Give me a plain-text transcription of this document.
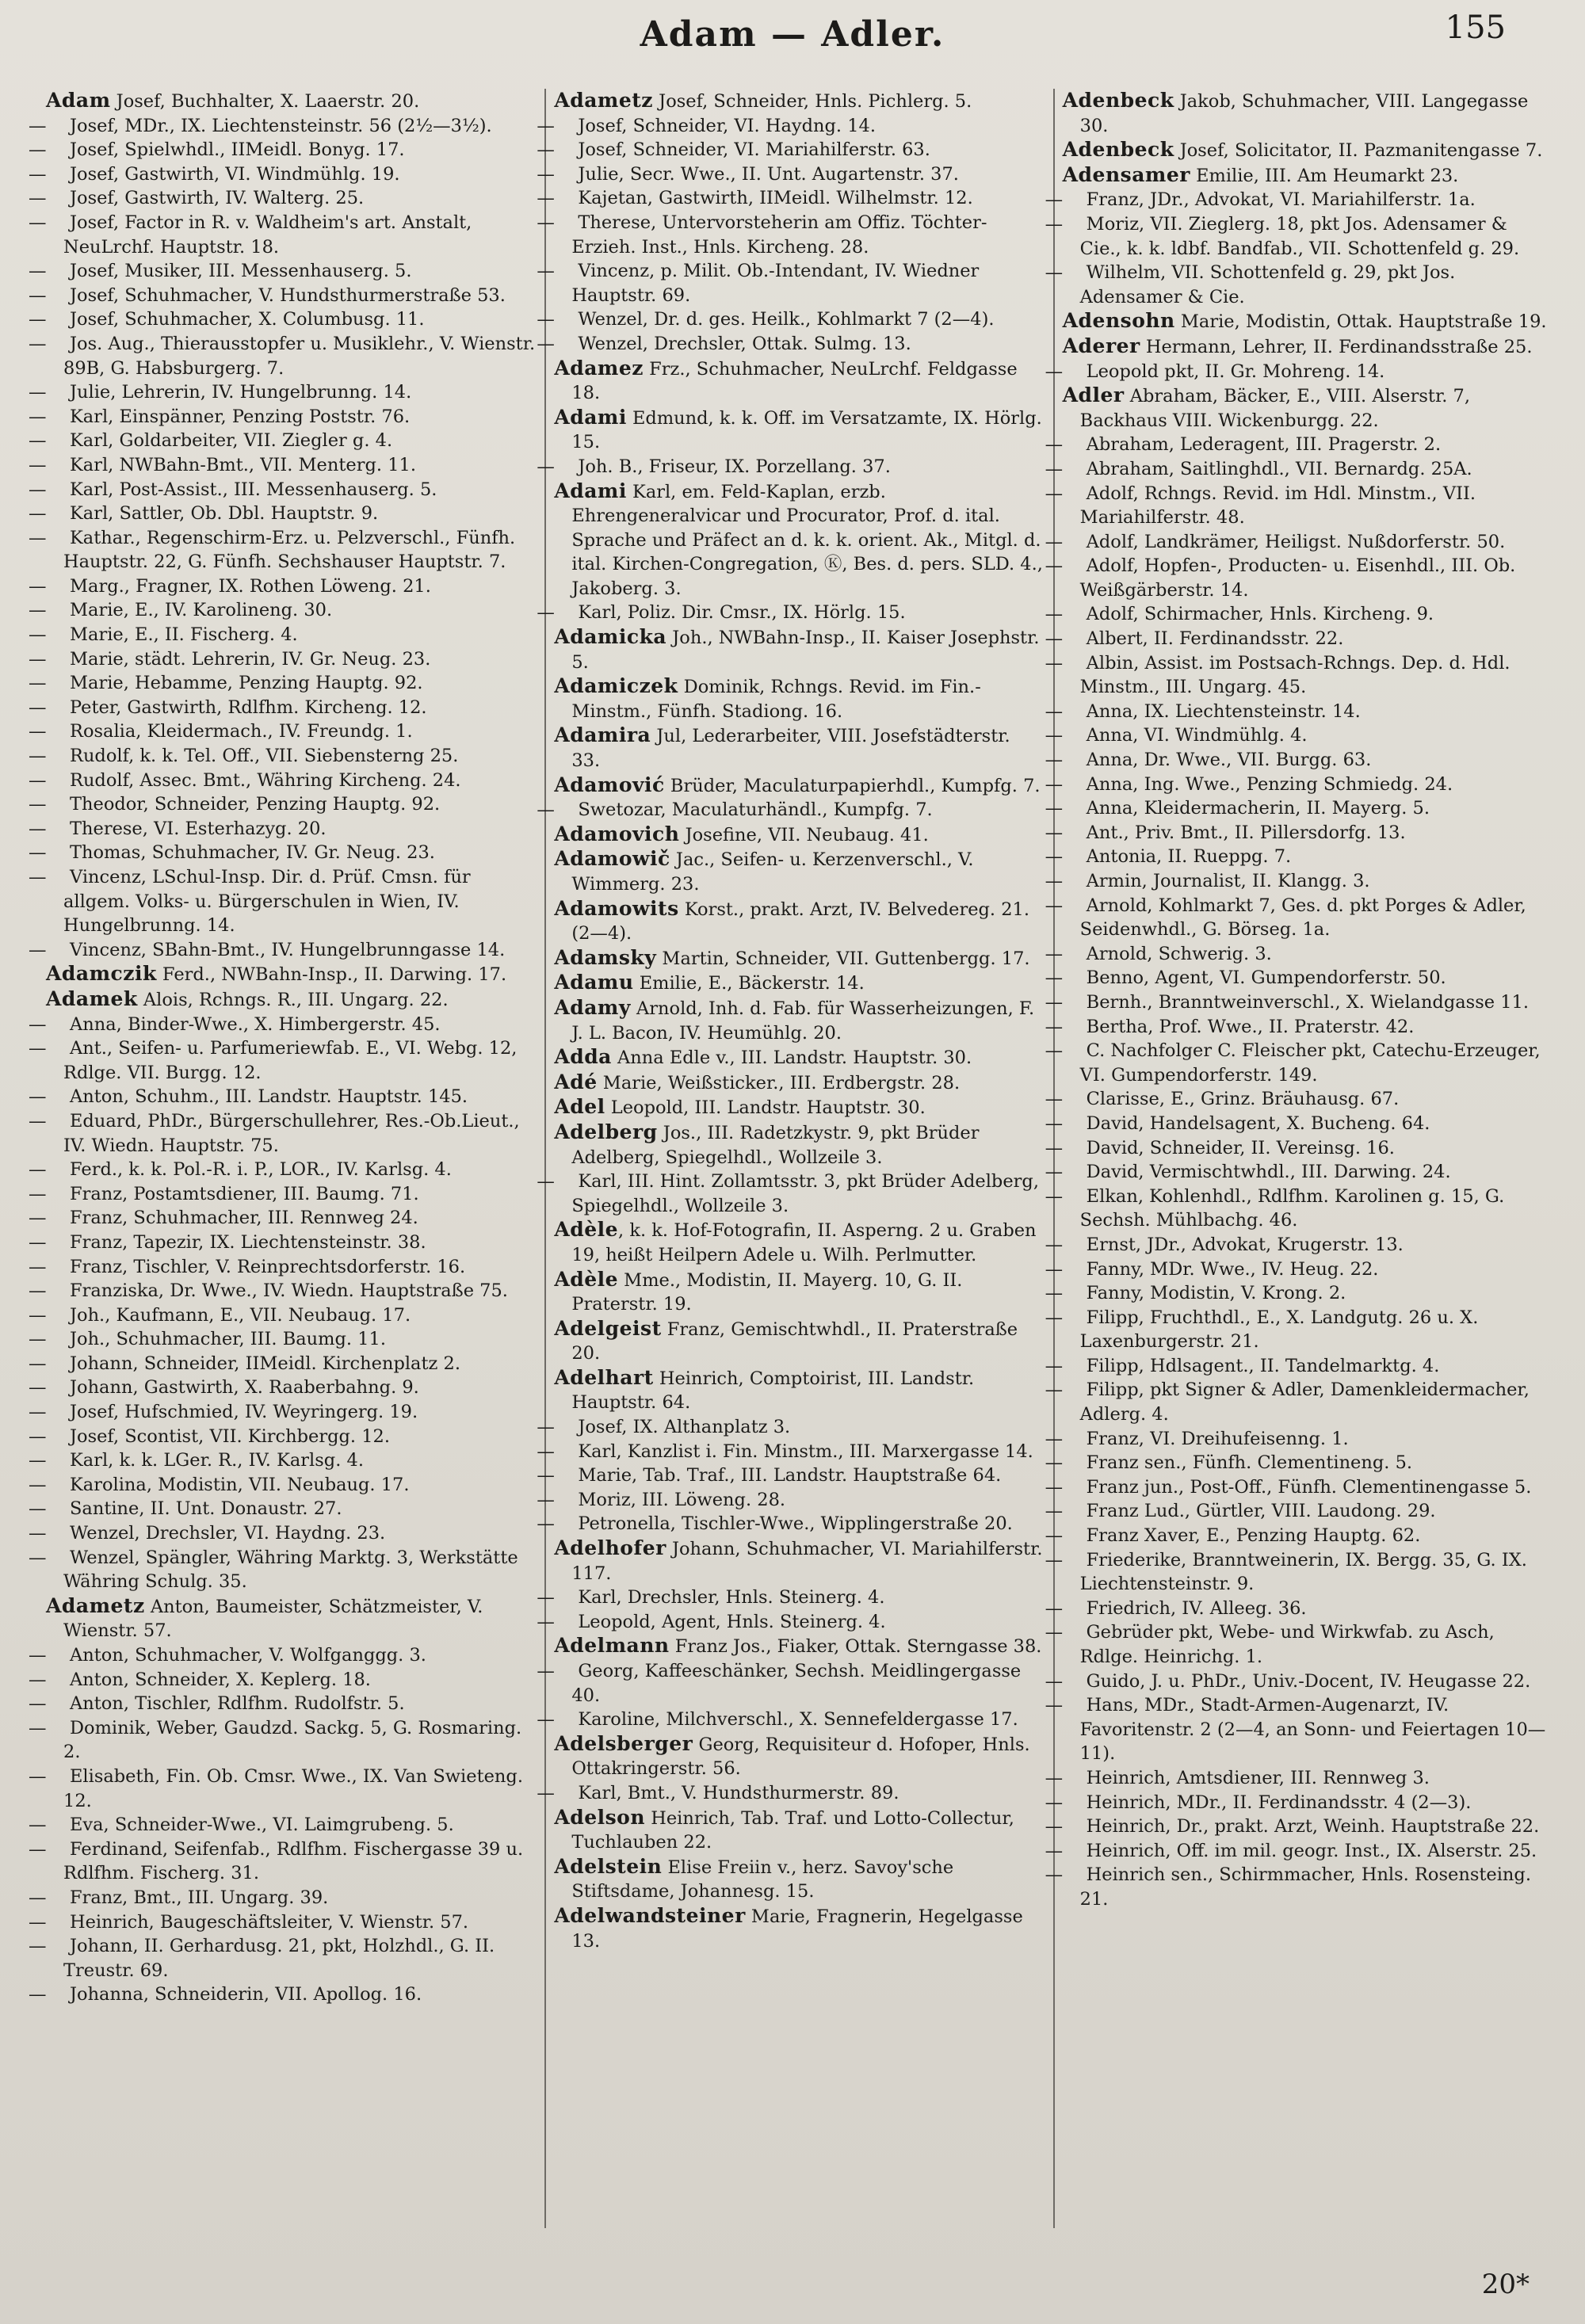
Adam — Adler.	155

Adam Josef, Buchhalter, X. Laaerstr. 20.

— Josef, MDr., IX. Liechtensteinstr. 56 (2½—3½).

— Josef, Spielwhdl., IIMeidl. Bonyg. 17.

— Josef, Gastwirth, VI. Windmühlg. 19.

— Josef, Gastwirth, IV. Walterg. 25.

— Josef, Factor in R. v. Waldheim's art. Anstalt, NeuLrchf. Hauptstr. 18.

— Josef, Musiker, III. Messenhauserg. 5.

— Josef, Schuhmacher, V. Hundsthurmerstraße 53.

— Josef, Schuhmacher, X. Columbusg. 11.

— Jos. Aug., Thierausstopfer u. Musiklehr., V. Wienstr. 89B, G. Habsburgerg. 7.

— Julie, Lehrerin, IV. Hungelbrunng. 14.

— Karl, Einspänner, Penzing Poststr. 76.

— Karl, Goldarbeiter, VII. Ziegler g. 4.

— Karl, NWBahn-Bmt., VII. Menterg. 11.

— Karl, Post-Assist., III. Messenhauserg. 5.

— Karl, Sattler, Ob. Dbl. Hauptstr. 9.

— Kathar., Regenschirm-Erz. u. Pelzverschl., Fünfh. Hauptstr. 22, G. Fünfh. Sechshauser Hauptstr. 7.

— Marg., Fragner, IX. Rothen Löweng. 21.

— Marie, E., IV. Karolineng. 30.

— Marie, E., II. Fischerg. 4.

— Marie, städt. Lehrerin, IV. Gr. Neug. 23.

— Marie, Hebamme, Penzing Hauptg. 92.

— Peter, Gastwirth, Rdlfhm. Kircheng. 12.

— Rosalia, Kleidermach., IV. Freundg. 1.

— Rudolf, k. k. Tel. Off., VII. Siebensterng 25.

— Rudolf, Assec. Bmt., Währing Kircheng. 24.

— Theodor, Schneider, Penzing Hauptg. 92.

— Therese, VI. Esterhazyg. 20.

— Thomas, Schuhmacher, IV. Gr. Neug. 23.

— Vincenz, LSchul-Insp. Dir. d. Prüf. Cmsn. für allgem. Volks- u. Bürgerschulen in Wien, IV. Hungelbrunng. 14.

— Vincenz, SBahn-Bmt., IV. Hungelbrunngasse 14.

Adamczik Ferd., NWBahn-Insp., II. Darwing. 17.

Adamek Alois, Rchngs. R., III. Ungarg. 22.

— Anna, Binder-Wwe., X. Himbergerstr. 45.

— Ant., Seifen- u. Parfumeriewfab. E., VI. Webg. 12, Rdlge. VII. Burgg. 12.

— Anton, Schuhm., III. Landstr. Hauptstr. 145.

— Eduard, PhDr., Bürgerschullehrer, Res.-Ob.Lieut., IV. Wiedn. Hauptstr. 75.

— Ferd., k. k. Pol.-R. i. P., LOR., IV. Karlsg. 4.

— Franz, Postamtsdiener, III. Baumg. 71.

— Franz, Schuhmacher, III. Rennweg 24.

— Franz, Tapezir, IX. Liechtensteinstr. 38.

— Franz, Tischler, V. Reinprechtsdorferstr. 16.

— Franziska, Dr. Wwe., IV. Wiedn. Hauptstraße 75.

— Joh., Kaufmann, E., VII. Neubaug. 17.

— Joh., Schuhmacher, III. Baumg. 11.

— Johann, Schneider, IIMeidl. Kirchenplatz 2.

— Johann, Gastwirth, X. Raaberbahng. 9.

— Josef, Hufschmied, IV. Weyringerg. 19.

— Josef, Scontist, VII. Kirchbergg. 12.

— Karl, k. k. LGer. R., IV. Karlsg. 4.

— Karolina, Modistin, VII. Neubaug. 17.

— Santine, II. Unt. Donaustr. 27.

— Wenzel, Drechsler, VI. Haydng. 23.

— Wenzel, Spängler, Währing Marktg. 3, Werkstätte Währing Schulg. 35.

Adametz Anton, Baumeister, Schätzmeister, V. Wienstr. 57.

— Anton, Schuhmacher, V. Wolfganggg. 3.

— Anton, Schneider, X. Keplerg. 18.

— Anton, Tischler, Rdlfhm. Rudolfstr. 5.

— Dominik, Weber, Gaudzd. Sackg. 5, G. Rosmaring. 2.

— Elisabeth, Fin. Ob. Cmsr. Wwe., IX. Van Swieteng. 12.

— Eva, Schneider-Wwe., VI. Laimgrubeng. 5.

— Ferdinand, Seifenfab., Rdlfhm. Fischergasse 39 u. Rdlfhm. Fischerg. 31.

— Franz, Bmt., III. Ungarg. 39.

— Heinrich, Baugeschäftsleiter, V. Wienstr. 57.

— Johann, II. Gerhardusg. 21, pkt, Holzhdl., G. II. Treustr. 69.

— Johanna, Schneiderin, VII. Apollog. 16.

Adametz Josef, Schneider, Hnls. Pichlerg. 5.

— Josef, Schneider, VI. Haydng. 14.

— Josef, Schneider, VI. Mariahilferstr. 63.

— Julie, Secr. Wwe., II. Unt. Augartenstr. 37.

— Kajetan, Gastwirth, IIMeidl. Wilhelmstr. 12.

— Therese, Untervorsteherin am Offiz. Töchter-Erzieh. Inst., Hnls. Kircheng. 28.

— Vincenz, p. Milit. Ob.-Intendant, IV. Wiedner Hauptstr. 69.

— Wenzel, Dr. d. ges. Heilk., Kohlmarkt 7 (2—4).

— Wenzel, Drechsler, Ottak. Sulmg. 13.

Adamez Frz., Schuhmacher, NeuLrchf. Feldgasse 18.

Adami Edmund, k. k. Off. im Versatzamte, IX. Hörlg. 15.

— Joh. B., Friseur, IX. Porzellang. 37.

Adami Karl, em. Feld-Kaplan, erzb. Ehrengeneralvicar und Procurator, Prof. d. ital. Sprache und Präfect an d. k. k. orient. Ak., Mitgl. d. ital. Kirchen-Congregation, Ⓚ, Bes. d. pers. SLD. 4., Jakoberg. 3.

— Karl, Poliz. Dir. Cmsr., IX. Hörlg. 15.

Adamicka Joh., NWBahn-Insp., II. Kaiser Josephstr. 5.

Adamiczek Dominik, Rchngs. Revid. im Fin.-Minstm., Fünfh. Stadiong. 16.

Adamira Jul, Lederarbeiter, VIII. Josefstädterstr. 33.

Adamović Brüder, Maculaturpapierhdl., Kumpfg. 7.

— Swetozar, Maculaturhändl., Kumpfg. 7.

Adamovich Josefine, VII. Neubaug. 41.

Adamowič Jac., Seifen- u. Kerzenverschl., V. Wimmerg. 23.

Adamowits Korst., prakt. Arzt, IV. Belvedereg. 21. (2—4).

Adamsky Martin, Schneider, VII. Guttenbergg. 17.

Adamu Emilie, E., Bäckerstr. 14.

Adamy Arnold, Inh. d. Fab. für Wasserheizungen, F. J. L. Bacon, IV. Heumühlg. 20.

Adda Anna Edle v., III. Landstr. Hauptstr. 30.

Adé Marie, Weißsticker., III. Erdbergstr. 28.

Adel Leopold, III. Landstr. Hauptstr. 30.

Adelberg Jos., III. Radetzkystr. 9, pkt Brüder Adelberg, Spiegelhdl., Wollzeile 3.

— Karl, III. Hint. Zollamtsstr. 3, pkt Brüder Adelberg, Spiegelhdl., Wollzeile 3.

Adèle, k. k. Hof-Fotografin, II. Asperng. 2 u. Graben 19, heißt Heilpern Adele u. Wilh. Perlmutter.

Adèle Mme., Modistin, II. Mayerg. 10, G. II. Praterstr. 19.

Adelgeist Franz, Gemischtwhdl., II. Praterstraße 20.

Adelhart Heinrich, Comptoirist, III. Landstr. Hauptstr. 64.

— Josef, IX. Althanplatz 3.

— Karl, Kanzlist i. Fin. Minstm., III. Marxergasse 14.

— Marie, Tab. Traf., III. Landstr. Hauptstraße 64.

— Moriz, III. Löweng. 28.

— Petronella, Tischler-Wwe., Wipplingerstraße 20.

Adelhofer Johann, Schuhmacher, VI. Mariahilferstr. 117.

— Karl, Drechsler, Hnls. Steinerg. 4.

— Leopold, Agent, Hnls. Steinerg. 4.

Adelmann Franz Jos., Fiaker, Ottak. Sterngasse 38.

— Georg, Kaffeeschänker, Sechsh. Meidlingergasse 40.

— Karoline, Milchverschl., X. Sennefeldergasse 17.

Adelsberger Georg, Requisiteur d. Hofoper, Hnls. Ottakringerstr. 56.

— Karl, Bmt., V. Hundsthurmerstr. 89.

Adelson Heinrich, Tab. Traf. und Lotto-Collectur, Tuchlauben 22.

Adelstein Elise Freiin v., herz. Savoy'sche Stiftsdame, Johannesg. 15.

Adelwandsteiner Marie, Fragnerin, Hegelgasse 13.

Adenbeck Jakob, Schuhmacher, VIII. Langegasse 30.

Adenbeck Josef, Solicitator, II. Pazmanitengasse 7.

Adensamer Emilie, III. Am Heumarkt 23.

— Franz, JDr., Advokat, VI. Mariahilferstr. 1a.

— Moriz, VII. Zieglerg. 18, pkt Jos. Adensamer & Cie., k. k. ldbf. Bandfab., VII. Schottenfeld g. 29.

— Wilhelm, VII. Schottenfeld g. 29, pkt Jos. Adensamer & Cie.

Adensohn Marie, Modistin, Ottak. Hauptstraße 19.

Aderer Hermann, Lehrer, II. Ferdinandsstraße 25.

— Leopold pkt, II. Gr. Mohreng. 14.

Adler Abraham, Bäcker, E., VIII. Alserstr. 7, Backhaus VIII. Wickenburgg. 22.

— Abraham, Lederagent, III. Pragerstr. 2.

— Abraham, Saitlinghdl., VII. Bernardg. 25A.

— Adolf, Rchngs. Revid. im Hdl. Minstm., VII. Mariahilferstr. 48.

— Adolf, Landkrämer, Heiligst. Nußdorferstr. 50.

— Adolf, Hopfen-, Producten- u. Eisenhdl., III. Ob. Weißgärberstr. 14.

— Adolf, Schirmacher, Hnls. Kircheng. 9.

— Albert, II. Ferdinandsstr. 22.

— Albin, Assist. im Postsach-Rchngs. Dep. d. Hdl. Minstm., III. Ungarg. 45.

— Anna, IX. Liechtensteinstr. 14.

— Anna, VI. Windmühlg. 4.

— Anna, Dr. Wwe., VII. Burgg. 63.

— Anna, Ing. Wwe., Penzing Schmiedg. 24.

— Anna, Kleidermacherin, II. Mayerg. 5.

— Ant., Priv. Bmt., II. Pillersdorfg. 13.

— Antonia, II. Rueppg. 7.

— Armin, Journalist, II. Klangg. 3.

— Arnold, Kohlmarkt 7, Ges. d. pkt Porges & Adler, Seidenwhdl., G. Börseg. 1a.

— Arnold, Schwerig. 3.

— Benno, Agent, VI. Gumpendorferstr. 50.

— Bernh., Branntweinverschl., X. Wielandgasse 11.

— Bertha, Prof. Wwe., II. Praterstr. 42.

— C. Nachfolger C. Fleischer pkt, Catechu-Erzeuger, VI. Gumpendorferstr. 149.

— Clarisse, E., Grinz. Bräuhausg. 67.

— David, Handelsagent, X. Bucheng. 64.

— David, Schneider, II. Vereinsg. 16.

— David, Vermischtwhdl., III. Darwing. 24.

— Elkan, Kohlenhdl., Rdlfhm. Karolinen g. 15, G. Sechsh. Mühlbachg. 46.

— Ernst, JDr., Advokat, Krugerstr. 13.

— Fanny, MDr. Wwe., IV. Heug. 22.

— Fanny, Modistin, V. Krong. 2.

— Filipp, Fruchthdl., E., X. Landgutg. 26 u. X. Laxenburgerstr. 21.

— Filipp, Hdlsagent., II. Tandelmarktg. 4.

— Filipp, pkt Signer & Adler, Damenkleidermacher, Adlerg. 4.

— Franz, VI. Dreihufeisenng. 1.

— Franz sen., Fünfh. Clementineng. 5.

— Franz jun., Post-Off., Fünfh. Clementinengasse 5.

— Franz Lud., Gürtler, VIII. Laudong. 29.

— Franz Xaver, E., Penzing Hauptg. 62.

— Friederike, Branntweinerin, IX. Bergg. 35, G. IX. Liechtensteinstr. 9.

— Friedrich, IV. Alleeg. 36.

— Gebrüder pkt, Webe- und Wirkwfab. zu Asch, Rdlge. Heinrichg. 1.

— Guido, J. u. PhDr., Univ.-Docent, IV. Heugasse 22.

— Hans, MDr., Stadt-Armen-Augenarzt, IV. Favoritenstr. 2 (2—4, an Sonn- und Feiertagen 10—11).

— Heinrich, Amtsdiener, III. Rennweg 3.

— Heinrich, MDr., II. Ferdinandsstr. 4 (2—3).

— Heinrich, Dr., prakt. Arzt, Weinh. Hauptstraße 22.

— Heinrich, Off. im mil. geogr. Inst., IX. Alserstr. 25.

— Heinrich sen., Schirmmacher, Hnls. Rosensteing. 21.

20*
